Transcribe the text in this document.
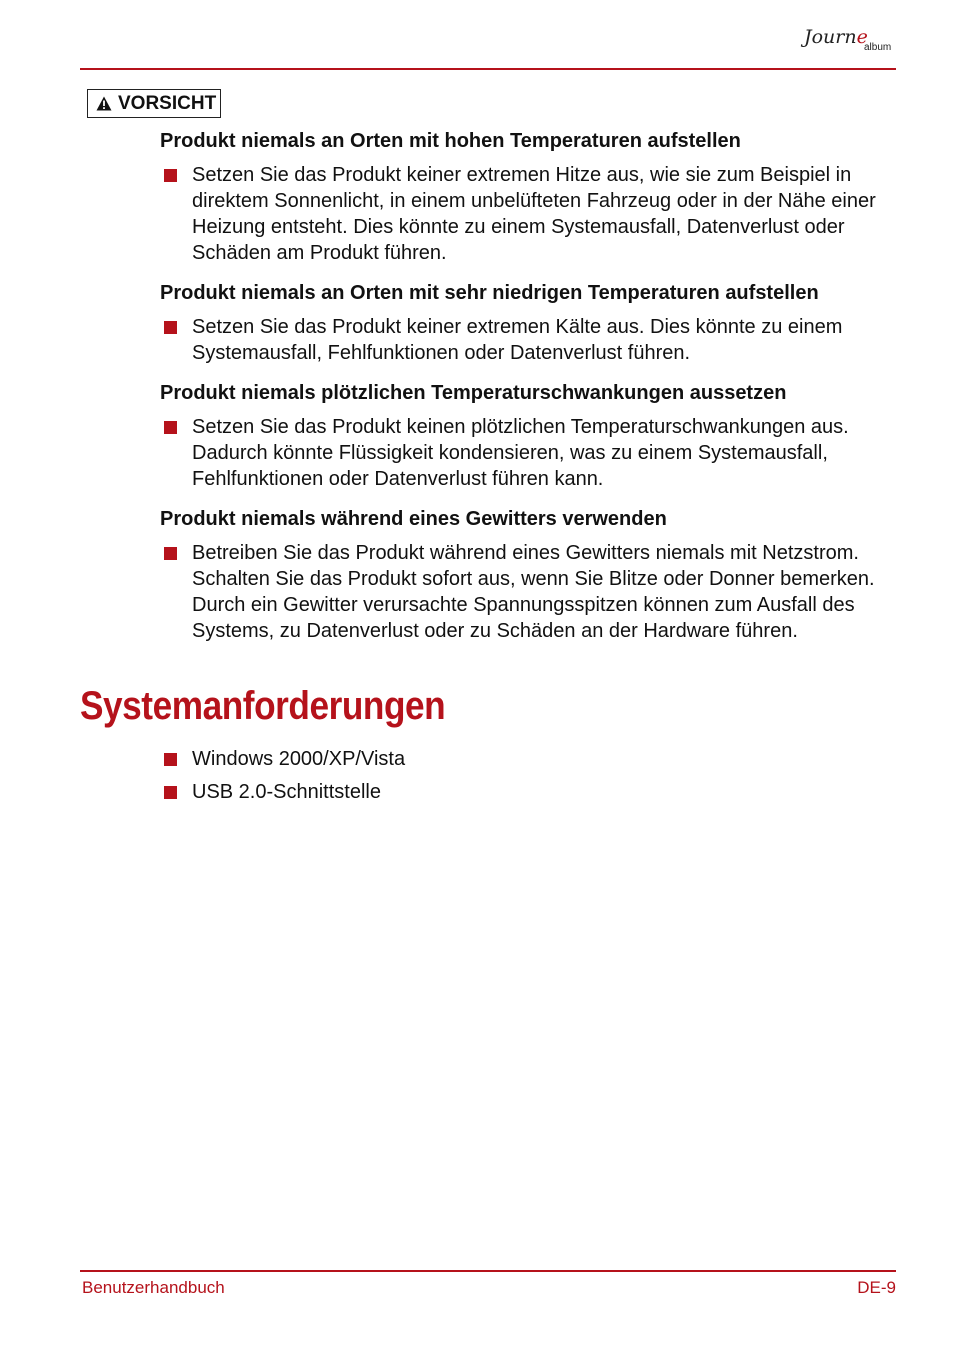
Journe
album
VORSICHT
Produkt niemals an Orten mit hohen Temperaturen aufstellen
Setzen Sie das Produkt keiner extremen Hitze aus, wie sie zum Beispiel in direktem Sonnenlicht, in einem unbelüfteten Fahrzeug oder in der Nähe einer Heizung entsteht. Dies könnte zu einem Systemausfall, Datenverlust oder Schäden am Produkt führen.
Produkt niemals an Orten mit sehr niedrigen Temperaturen aufstellen
Setzen Sie das Produkt keiner extremen Kälte aus. Dies könnte zu einem Systemausfall, Fehlfunktionen oder Datenverlust führen.
Produkt niemals plötzlichen Temperaturschwankungen aussetzen
Setzen Sie das Produkt keinen plötzlichen Temperaturschwankungen aus. Dadurch könnte Flüssigkeit kondensieren, was zu einem Systemausfall, Fehlfunktionen oder Datenverlust führen kann.
Produkt niemals während eines Gewitters verwenden
Betreiben Sie das Produkt während eines Gewitters niemals mit Netzstrom. Schalten Sie das Produkt sofort aus, wenn Sie Blitze oder Donner bemerken. Durch ein Gewitter verursachte Spannungsspitzen können zum Ausfall des Systems, zu Datenverlust oder zu Schäden an der Hardware führen.
Systemanforderungen
Windows 2000/XP/Vista
USB 2.0-Schnittstelle
Benutzerhandbuch	DE-9
